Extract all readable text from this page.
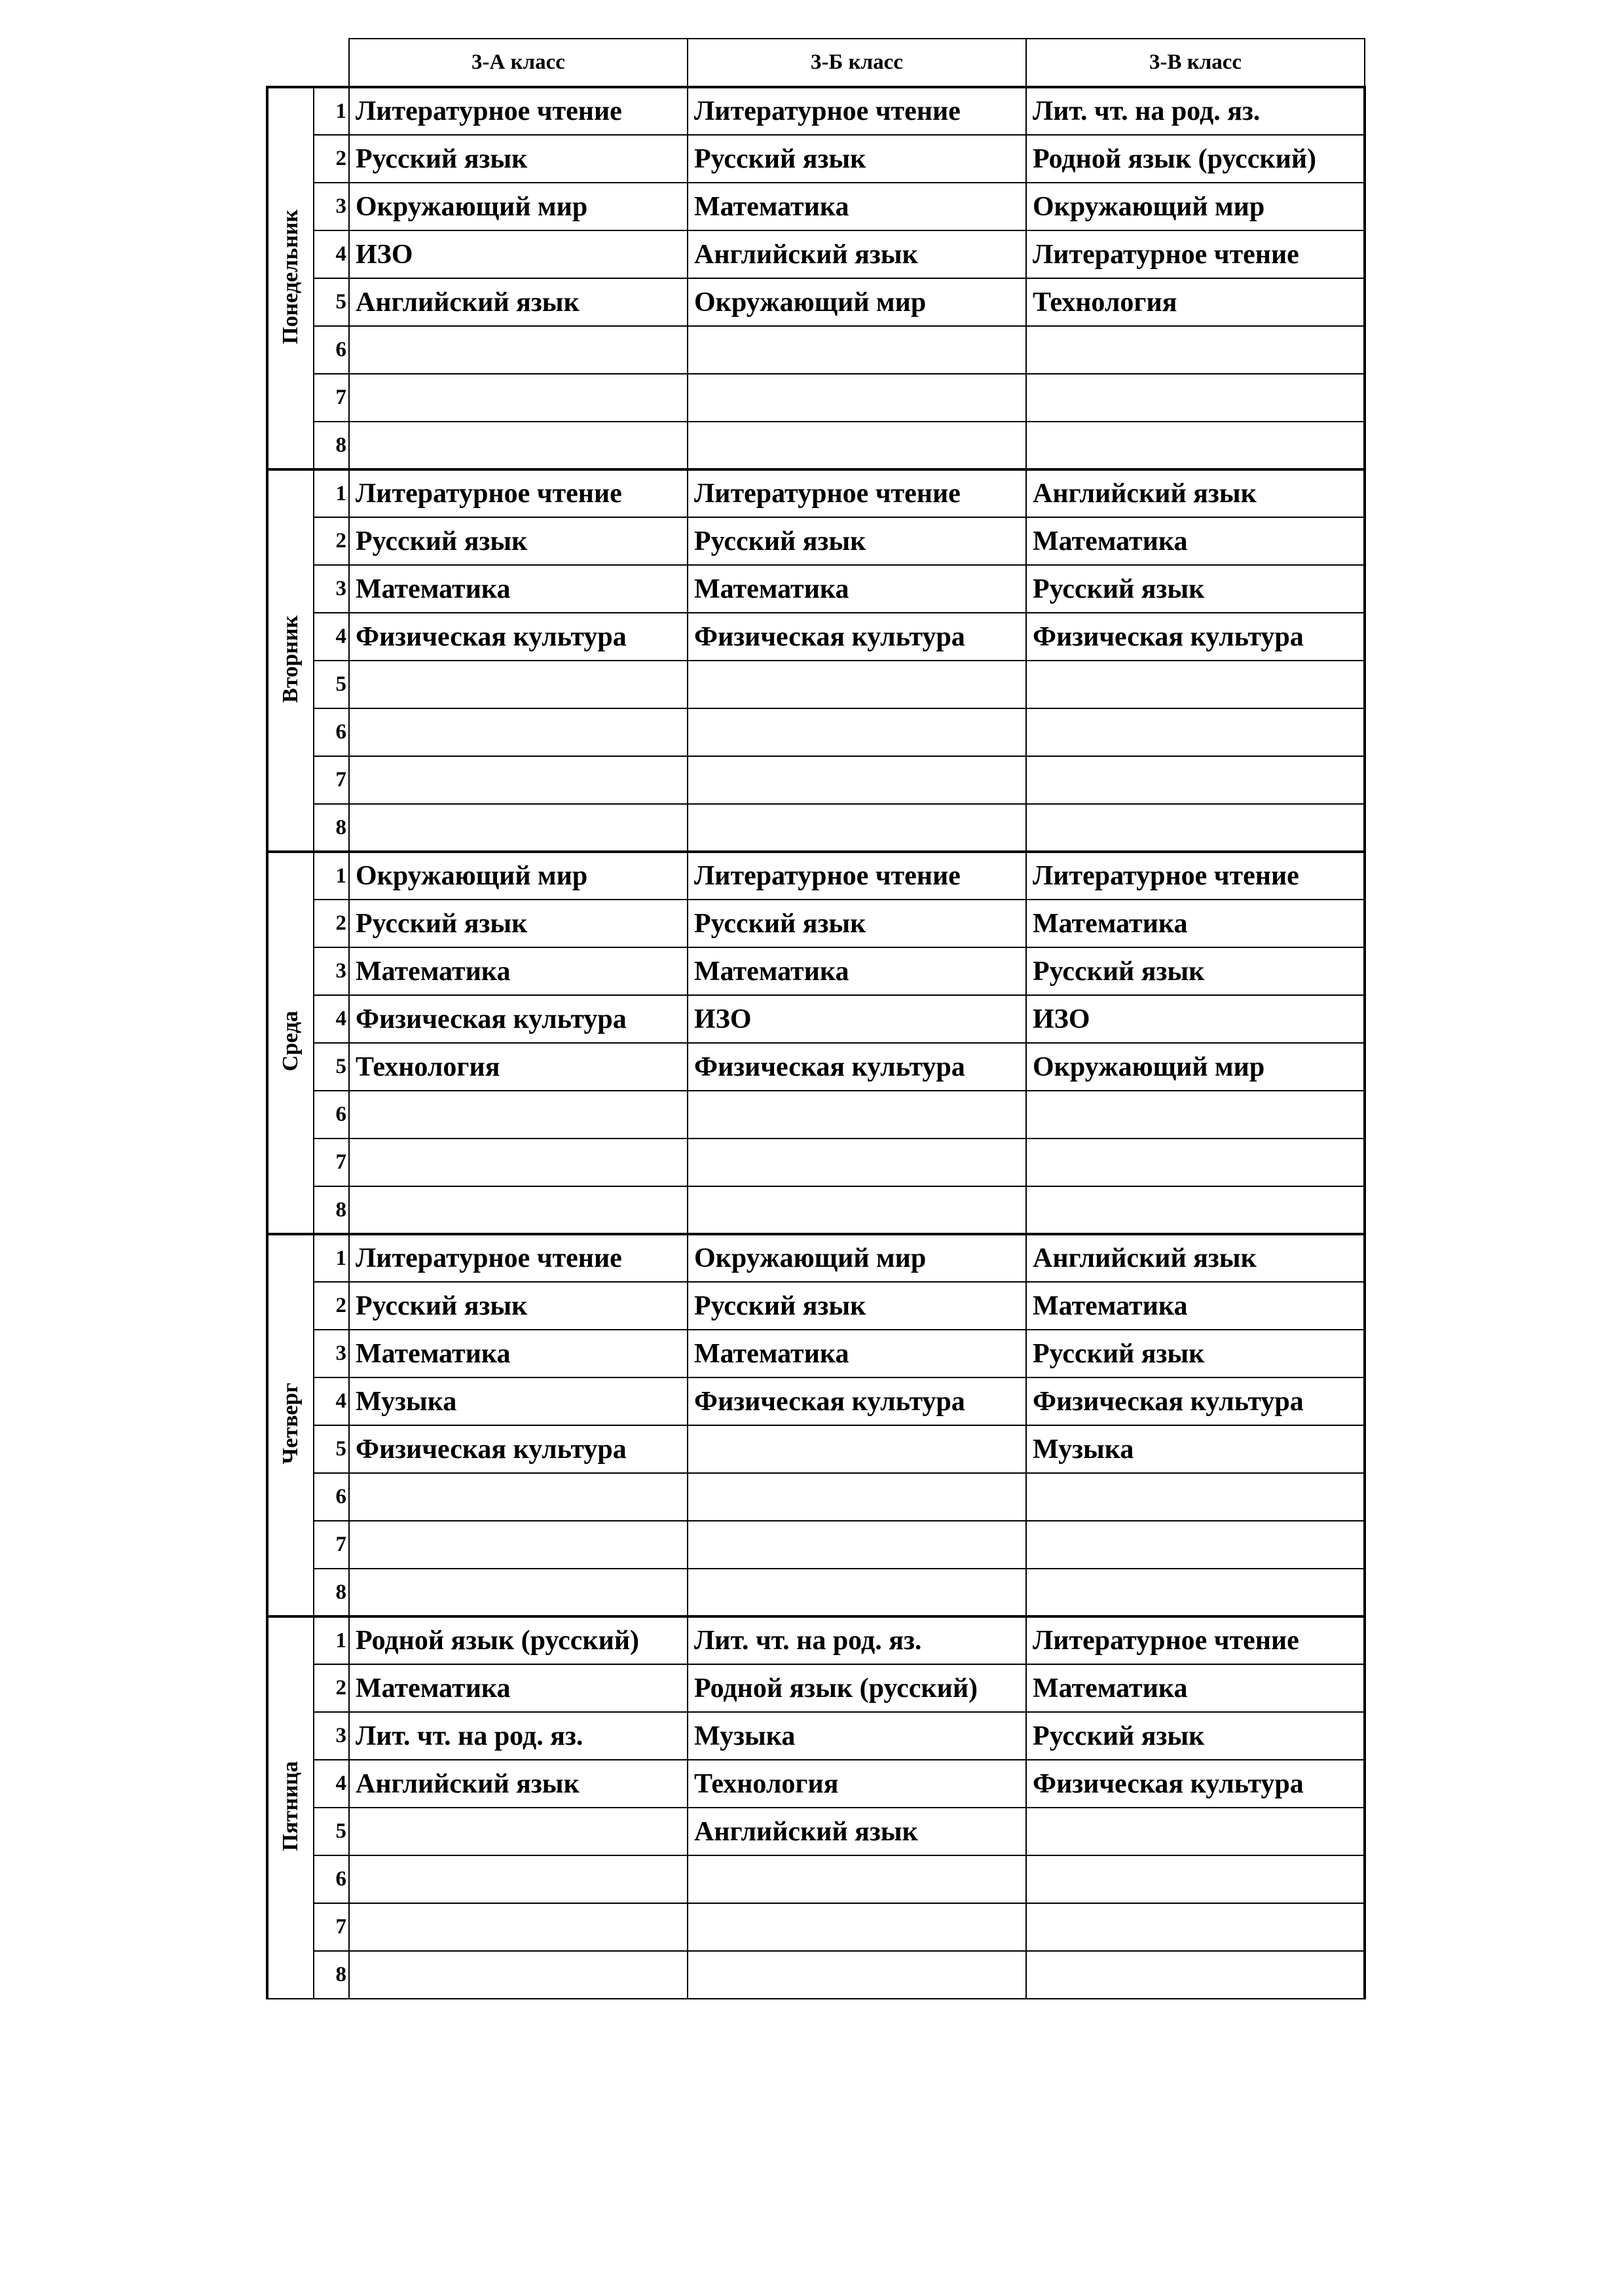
		3-А класс	3-Б класс	3-В класс
Понедельник	1	Литературное чтение	Литературное чтение	Лит. чт. на род. яз.
	2	Русский язык	Русский язык	Родной язык (русский)
	3	Окружающий мир	Математика	Окружающий мир
	4	ИЗО	Английский язык	Литературное чтение
	5	Английский язык	Окружающий мир	Технология
	6			
	7			
	8			
Вторник	1	Литературное чтение	Литературное чтение	Английский язык
	2	Русский язык	Русский язык	Математика
	3	Математика	Математика	Русский язык
	4	Физическая культура	Физическая культура	Физическая культура
	5			
	6			
	7			
	8			
Среда	1	Окружающий мир	Литературное чтение	Литературное чтение
	2	Русский язык	Русский язык	Математика
	3	Математика	Математика	Русский язык
	4	Физическая культура	ИЗО	ИЗО
	5	Технология	Физическая культура	Окружающий мир
	6			
	7			
	8			
Четверг	1	Литературное чтение	Окружающий мир	Английский язык
	2	Русский язык	Русский язык	Математика
	3	Математика	Математика	Русский язык
	4	Музыка	Физическая культура	Физическая культура
	5	Физическая культура		Музыка
	6			
	7			
	8			
Пятница	1	Родной язык (русский)	Лит. чт. на род. яз.	Литературное чтение
	2	Математика	Родной язык (русский)	Математика
	3	Лит. чт. на род. яз.	Музыка	Русский язык
	4	Английский язык	Технология	Физическая культура
	5		Английский язык	
	6			
	7			
	8			
